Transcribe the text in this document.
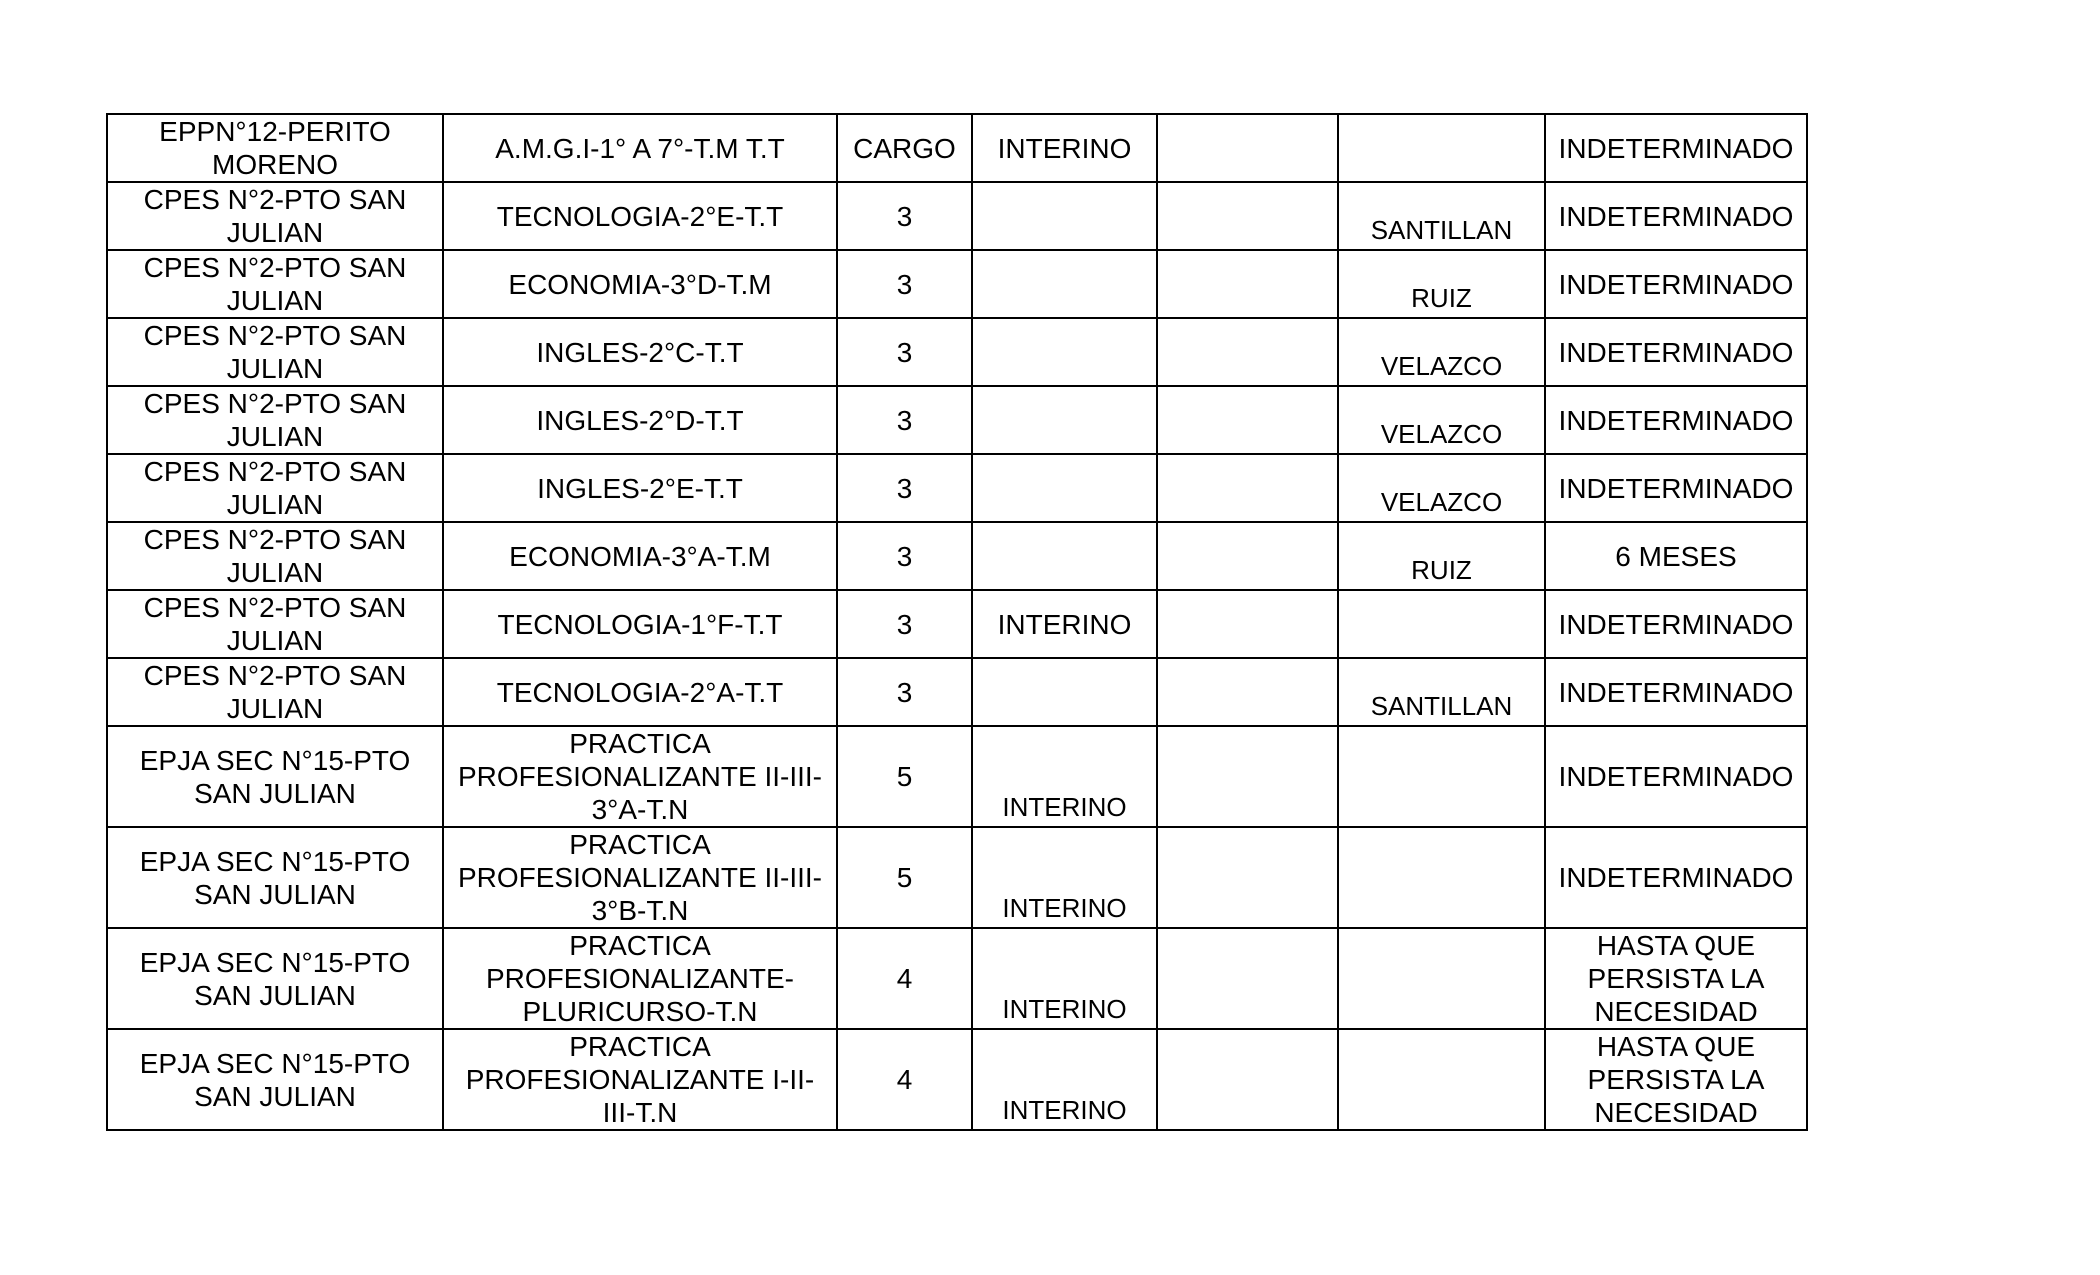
EPPN°12-PERITO MORENO	A.M.G.I-1° A 7°-T.M T.T	CARGO	INTERINO			INDETERMINADO
CPES N°2-PTO SAN JULIAN	TECNOLOGIA-2°E-T.T	3			SANTILLAN	INDETERMINADO
CPES N°2-PTO SAN JULIAN	ECONOMIA-3°D-T.M	3			RUIZ	INDETERMINADO
CPES N°2-PTO SAN JULIAN	INGLES-2°C-T.T	3			VELAZCO	INDETERMINADO
CPES N°2-PTO SAN JULIAN	INGLES-2°D-T.T	3			VELAZCO	INDETERMINADO
CPES N°2-PTO SAN JULIAN	INGLES-2°E-T.T	3			VELAZCO	INDETERMINADO
CPES N°2-PTO SAN JULIAN	ECONOMIA-3°A-T.M	3			RUIZ	6 MESES
CPES N°2-PTO SAN JULIAN	TECNOLOGIA-1°F-T.T	3	INTERINO			INDETERMINADO
CPES N°2-PTO SAN JULIAN	TECNOLOGIA-2°A-T.T	3			SANTILLAN	INDETERMINADO
EPJA SEC N°15-PTO SAN JULIAN	PRACTICA PROFESIONALIZANTE II-III-3°A-T.N	5	INTERINO			INDETERMINADO
EPJA SEC N°15-PTO SAN JULIAN	PRACTICA PROFESIONALIZANTE II-III-3°B-T.N	5	INTERINO			INDETERMINADO
EPJA SEC N°15-PTO SAN JULIAN	PRACTICA PROFESIONALIZANTE-PLURICURSO-T.N	4	INTERINO			HASTA QUE PERSISTA LA NECESIDAD
EPJA SEC N°15-PTO SAN JULIAN	PRACTICA PROFESIONALIZANTE I-II-III-T.N	4	INTERINO			HASTA QUE PERSISTA LA NECESIDAD
